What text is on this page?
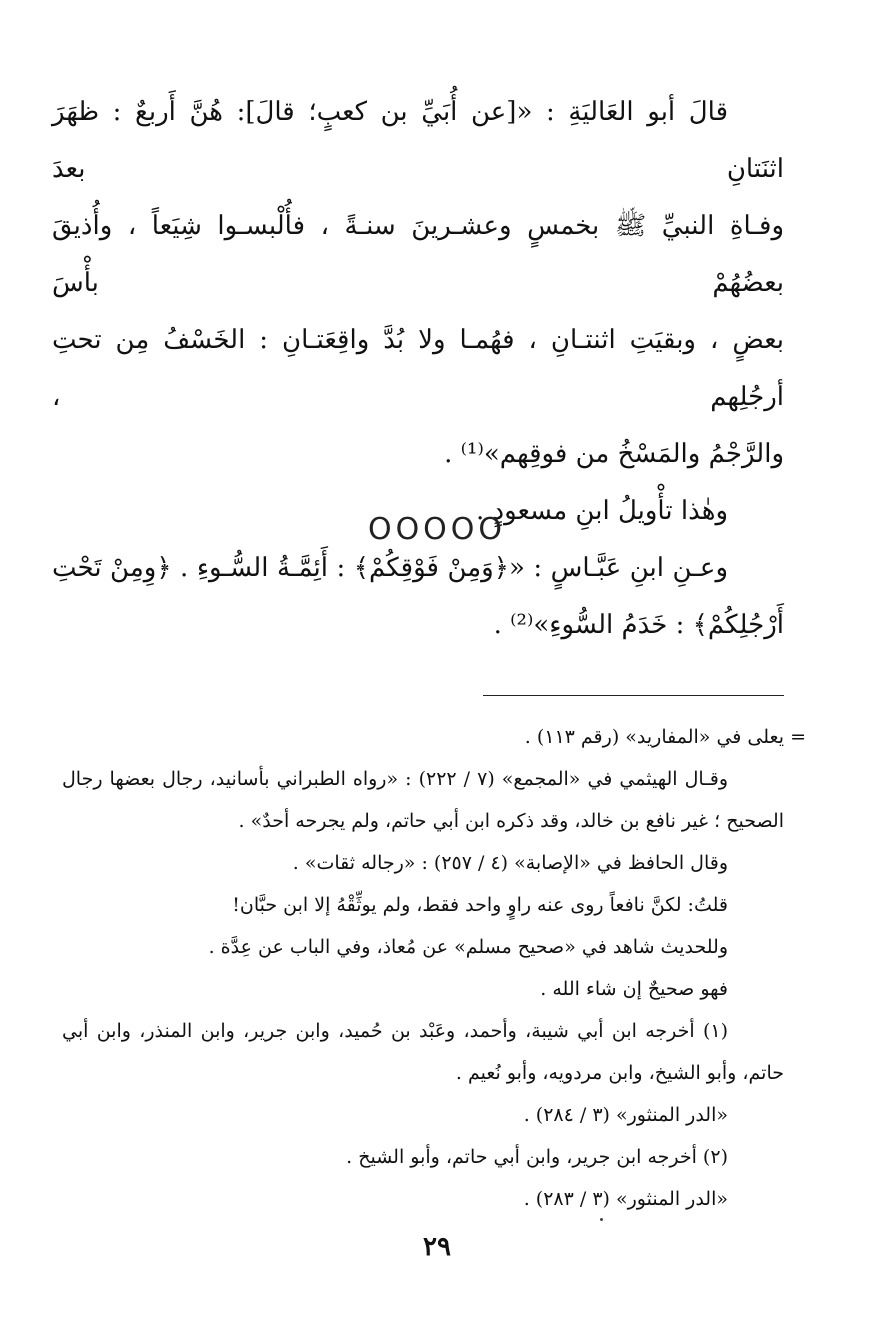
قالَ أبو العَاليَةِ : «[عن أُبَيِّ بن كعبٍ؛ قالَ]: هُنَّ أَربعٌ : ظهَرَ اثنَتانِ بعدَ

وفـاةِ النبيِّ ﷺ بخمسٍ وعشـرينَ سنـةً ، فأُلْبسـوا شِيَعاً ، وأُذيقَ بعضُهُمْ بأْسَ

بعضٍ ، وبقيَتِ اثنتـانِ ، فهُمـا ولا بُدَّ واقِعَتـانِ : الخَسْفُ مِن تحتِ أرجُلِهم ،

والرَّجْمُ والمَسْخُ من فوقِهم»⁽¹⁾ .

وهٰذا تأْويلُ ابنِ مسعودٍ .

وعـنِ ابنِ عَبَّـاسٍ : «﴿وَمِنْ فَوْقِكُمْ﴾ : أَئِمَّـةُ السُّـوءِ . ﴿وِمِنْ تَحْتِ

أَرْجُلِكُمْ﴾ : خَدَمُ السُّوءِ»⁽²⁾ .

OOOOO
=

يعلى في «المفاريد» (رقم ١١٣) .

وقـال الهيثمي في «المجمع» (٧ / ٢٢٢) : «رواه الطبراني بأسانيد، رجال بعضها رجال الصحيح ؛ غير نافع بن خالد، وقد ذكره ابن أبي حاتم، ولم يجرحه أحدٌ» .

وقال الحافظ في «الإصابة» (٤ / ٢٥٧) : «رجاله ثقات» .

قلتُ: لكنَّ نافعاً روى عنه راوٍ واحد فقط، ولم يوثِّقْهُ إلا ابن حبَّان!

وللحديث شاهد في «صحيح مسلم» عن مُعاذ، وفي الباب عن عِدَّة .

فهو صحيحٌ إن شاء الله .

(١) أخرجه ابن أبي شيبة، وأحمد، وعَبْد بن حُميد، وابن جرير، وابن المنذر، وابن أبي حاتم، وأبو الشيخ، وابن مردويه، وأبو نُعيم .

«الدر المنثور» (٣ / ٢٨٤) .

(٢) أخرجه ابن جرير، وابن أبي حاتم، وأبو الشيخ .

«الدر المنثور» (٣ / ٢٨٣) .

٢٩
